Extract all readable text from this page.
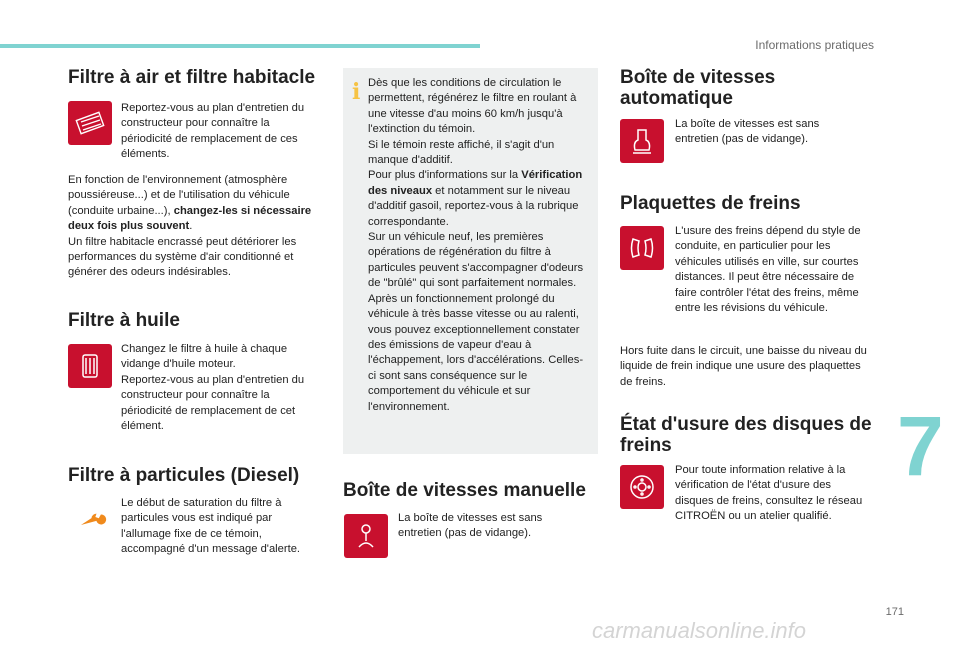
Informations pratiques
Filtre à air et filtre habitacle

Reportez-vous au plan d'entretien du constructeur pour connaître la périodicité de remplacement de ces éléments.

En fonction de l'environnement (atmosphère poussiéreuse...) et de l'utilisation du véhicule (conduite urbaine...), changez-les si nécessaire deux fois plus souvent.

Un filtre habitacle encrassé peut détériorer les performances du système d'air conditionné et générer des odeurs indésirables.

Filtre à huile

Changez le filtre à huile à chaque vidange d'huile moteur.

Reportez-vous au plan d'entretien du constructeur pour connaître la périodicité de remplacement de cet élément.

Filtre à particules (Diesel)

Le début de saturation du filtre à particules vous est indiqué par l'allumage fixe de ce témoin, accompagné d'un message d'alerte.

i Dès que les conditions de circulation le permettent, régénérez le filtre en roulant à une vitesse d'au moins 60 km/h jusqu'à l'extinction du témoin.

Si le témoin reste affiché, il s'agit d'un manque d'additif.

Pour plus d'informations sur la Vérification des niveaux et notamment sur le niveau d'additif gasoil, reportez-vous à la rubrique correspondante.

Sur un véhicule neuf, les premières opérations de régénération du filtre à particules peuvent s'accompagner d'odeurs de "brûlé" qui sont parfaitement normales.

Après un fonctionnement prolongé du véhicule à très basse vitesse ou au ralenti, vous pouvez exceptionnellement constater des émissions de vapeur d'eau à l'échappement, lors d'accélérations. Celles-ci sont sans conséquence sur le comportement du véhicule et sur l'environnement.

Boîte de vitesses manuelle

La boîte de vitesses est sans entretien (pas de vidange).

Boîte de vitesses
automatique

La boîte de vitesses est sans entretien (pas de vidange).

Plaquettes de freins

L'usure des freins dépend du style de conduite, en particulier pour les véhicules utilisés en ville, sur courtes distances. Il peut être nécessaire de faire contrôler l'état des freins, même entre les révisions du véhicule.

Hors fuite dans le circuit, une baisse du niveau du liquide de frein indique une usure des plaquettes de freins.

État d'usure des disques de
freins

Pour toute information relative à la vérification de l'état d'usure des disques de freins, consultez le réseau CITROËN ou un atelier qualifié.

7
171
carmanualsonline.info
